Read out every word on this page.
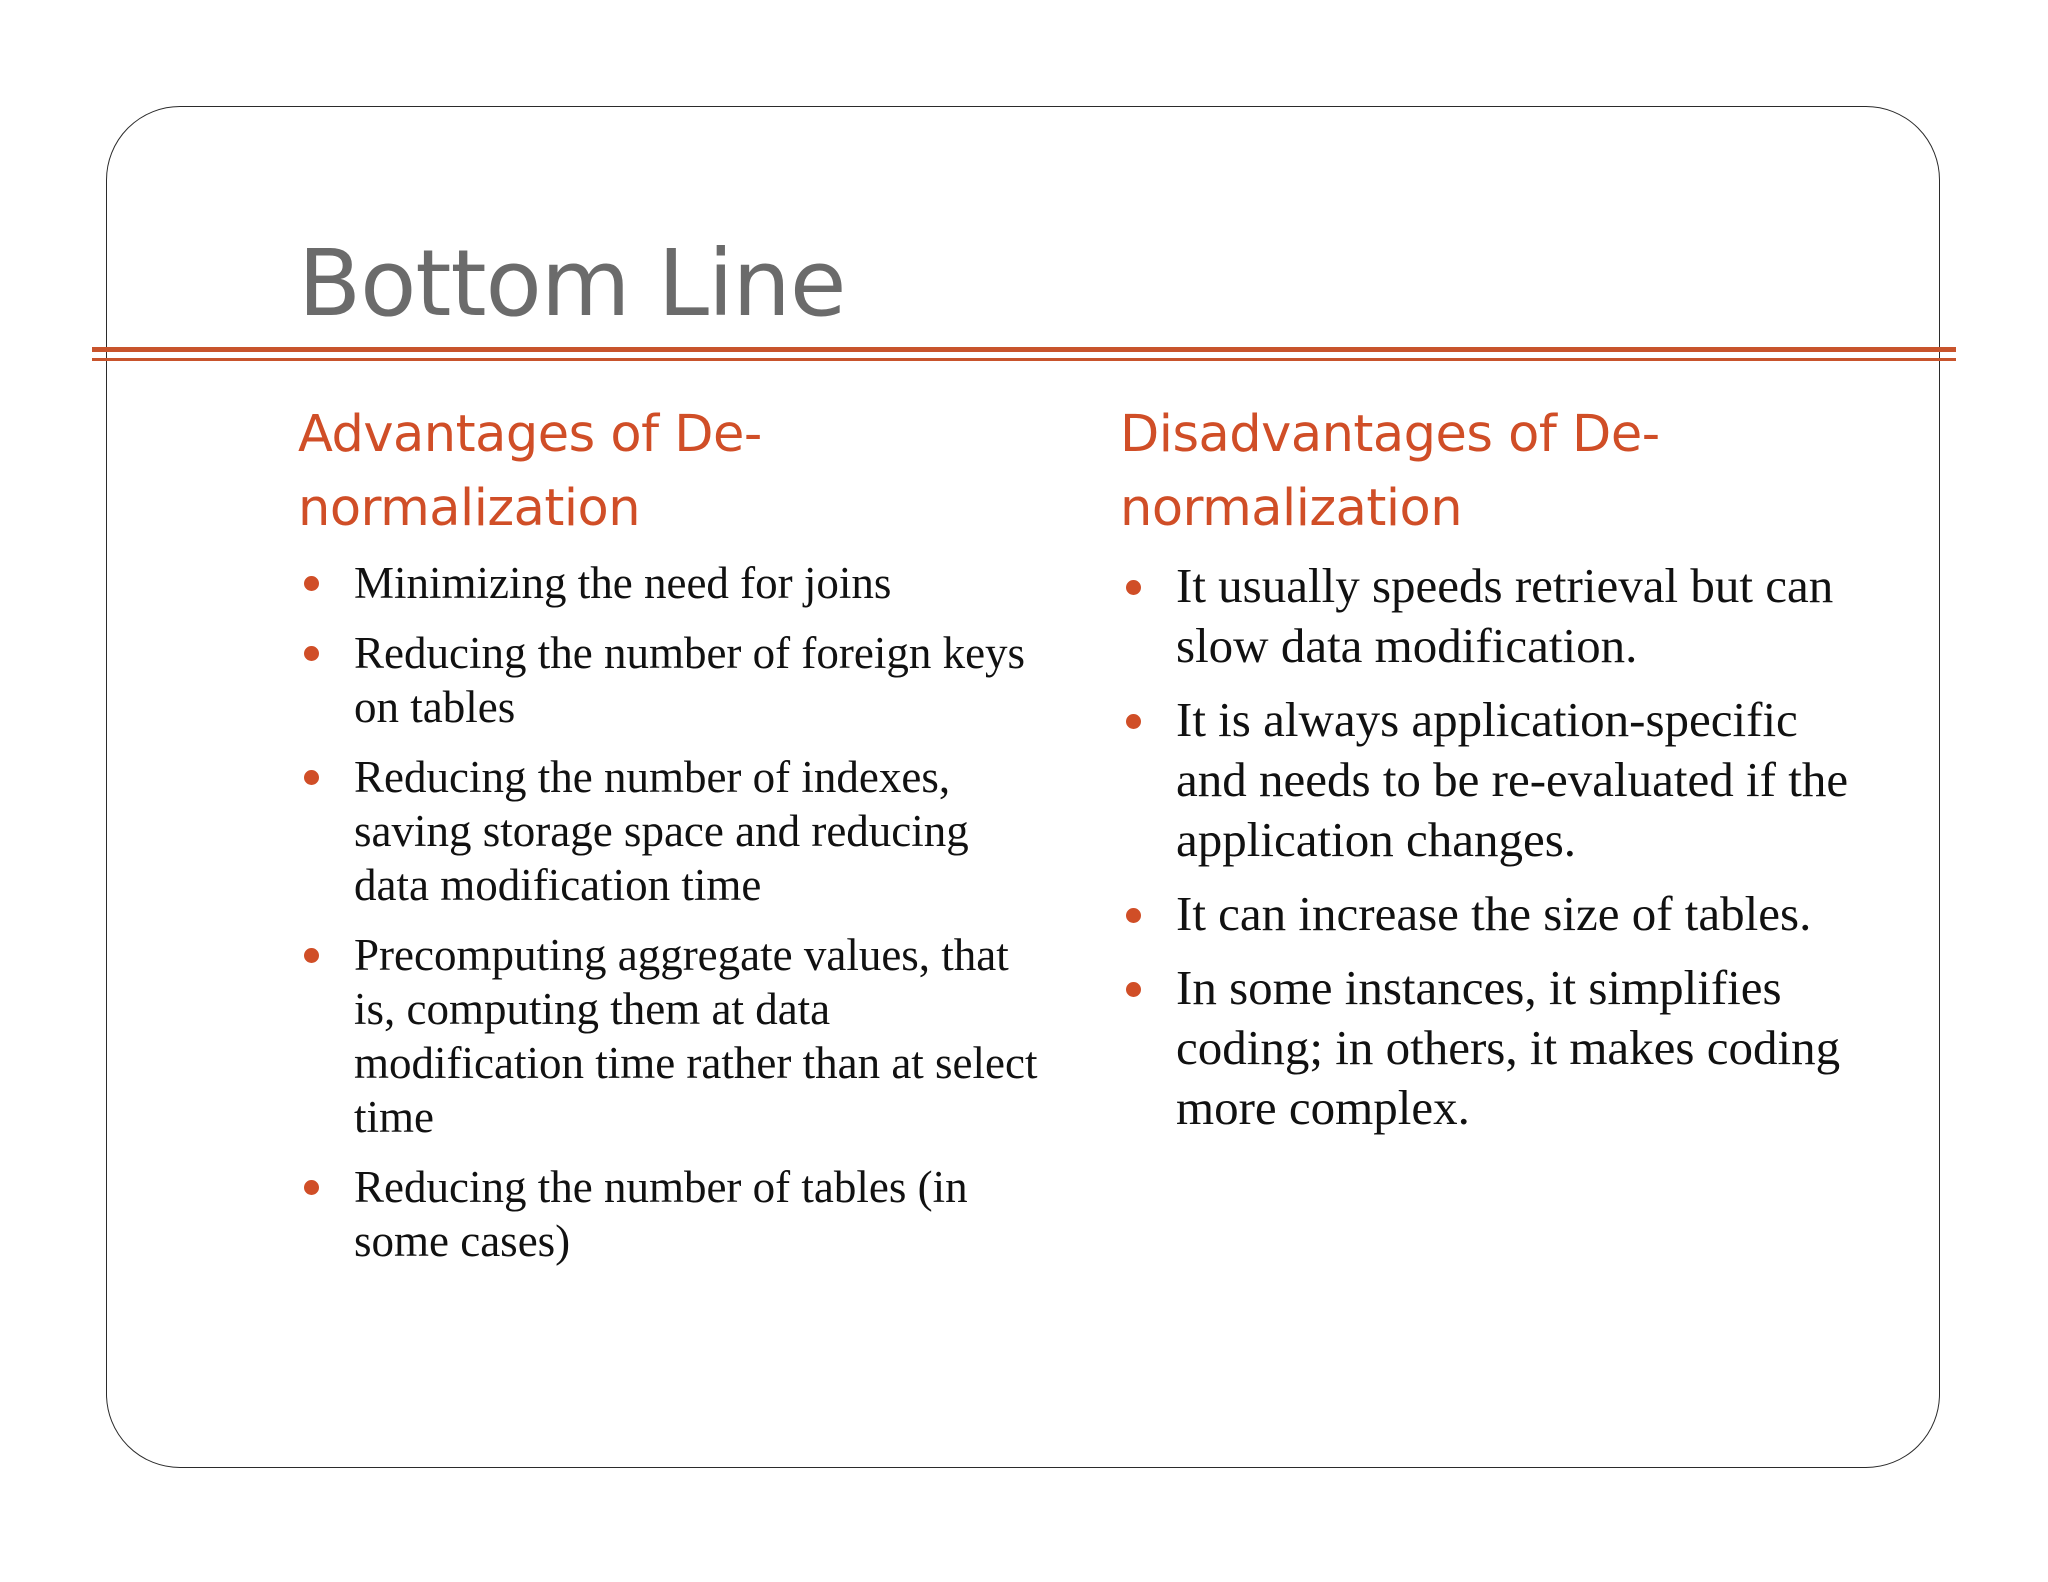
Bottom Line
Advantages of De-normalization
Minimizing the need for joins
Reducing the number of foreign keys on tables
Reducing the number of indexes, saving storage space and reducing data modification time
Precomputing aggregate values, that is, computing them at data modification time rather than at select time
Reducing the number of tables (in some cases)
Disadvantages of De-normalization
It usually speeds retrieval but can slow data modification.
It is always application-specific and needs to be re-evaluated if the application changes.
It can increase the size of tables.
In some instances, it simplifies coding; in others, it makes coding more complex.
